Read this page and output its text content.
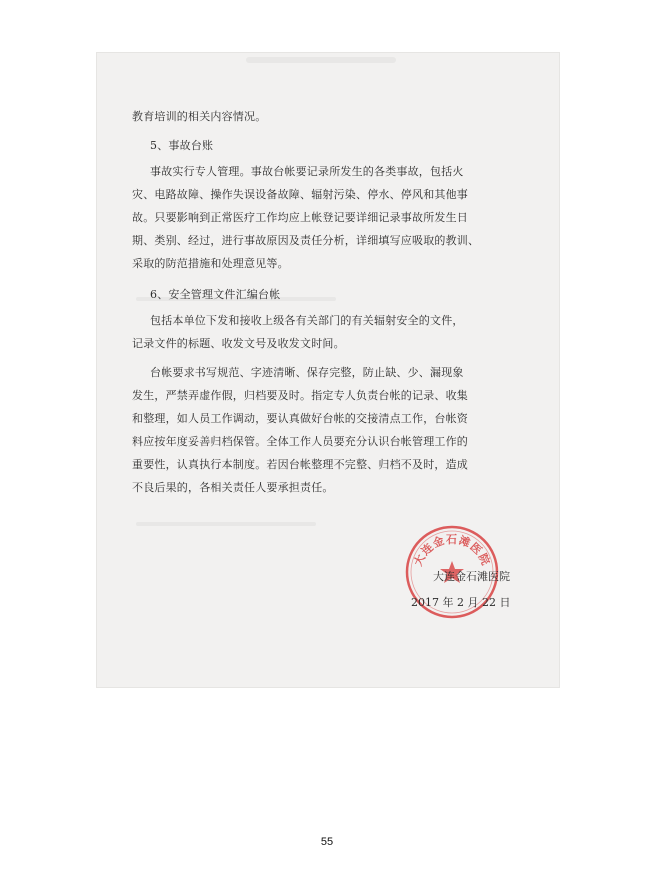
教育培训的相关内容情况。
5、事故台账
事故实行专人管理。事故台帐要记录所发生的各类事故，包括火
灾、电路故障、操作失误设备故障、辐射污染、停水、停风和其他事
故。只要影响到正常医疗工作均应上帐登记要详细记录事故所发生日
期、类别、经过，进行事故原因及责任分析，详细填写应吸取的教训、
采取的防范措施和处理意见等。
6、安全管理文件汇编台帐
包括本单位下发和接收上级各有关部门的有关辐射安全的文件，
记录文件的标题、收发文号及收发文时间。
台帐要求书写规范、字迹清晰、保存完整，防止缺、少、漏现象
发生，严禁弄虚作假，归档要及时。指定专人负责台帐的记录、收集
和整理，如人员工作调动，要认真做好台帐的交接清点工作，台帐资
料应按年度妥善归档保管。全体工作人员要充分认识台帐管理工作的
重要性，认真执行本制度。若因台帐整理不完整、归档不及时，造成
不良后果的，各相关责任人要承担责任。
大连金石滩医院
大连金石滩医院
2017 年 2 月 22 日
55
